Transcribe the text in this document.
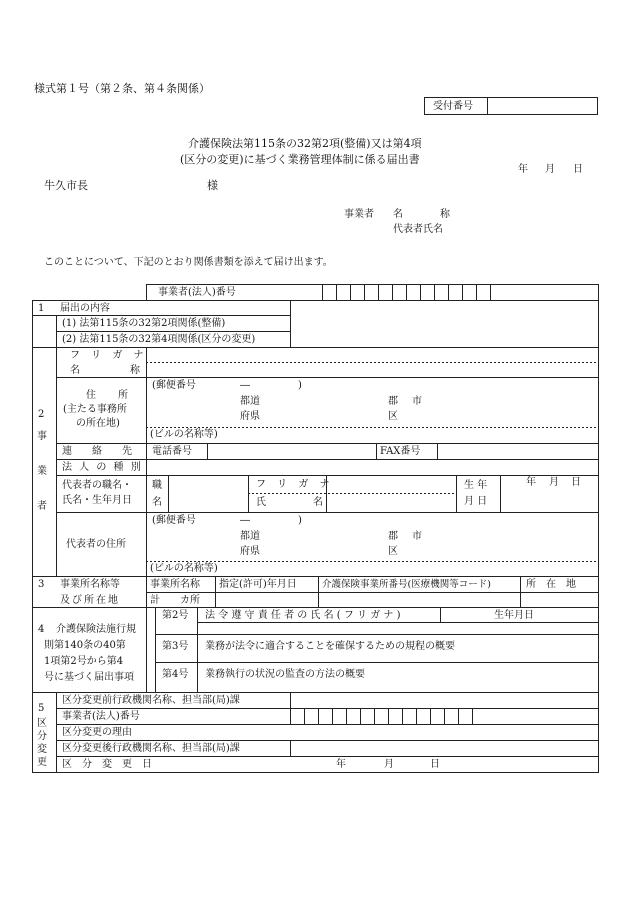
様式第１号（第２条、第４条関係）
受付番号
介護保険法第115条の32第2項(整備)又は第4項
(区分の変更)に基づく業務管理体制に係る届出書
年 月 日
牛久市長	様
事業者 名	称
代表者氏名
このことについて、下記のとおり関係書類を添えて届け出ます。
事業者(法人)番号
1 届出の内容
(1) 法第115条の32第2項関係(整備)
(2) 法第115条の32第4項関係(区分の変更)
2
事
業
者
フ リ ガ ナ
名	称
住 所
(主たる事務所
の所在地)
(郵便番号	―	)
都道
府県
郡 市
区
(ビルの名称等)
連　　絡　　先 電話番号	FAX番号
法 人 の 種 別
代表者の職名・
氏名・生年月日
職
名
フ リ ガ ナ
氏	名
生 年
月 日
年 月 日
代表者の住所
(郵便番号	―	)
都道
府県
郡 市
区
(ビルの名称等)
3 事業所名称等
及び所在地
事業所名称 指定(許可)年月日	介護保険事業所番号(医療機関等コード)	所　在　地
計　　カ所
4 介護保険法施行規
則第140条の40第
1項第2号から第4
号に基づく届出事項
第2号 法 令 遵 守 責 任 者 の 氏 名 ( フ リ ガ ナ )	生年月日
第3号 業務が法令に適合することを確保するための規程の概要
第4号 業務執行の状況の監査の方法の概要
5
区
分
変
更
区分変更前行政機関名称、担当部(局)課
事業者(法人)番号
区分変更の理由
区分変更後行政機関名称、担当部(局)課
区　分　変　更　日	年	月	日
